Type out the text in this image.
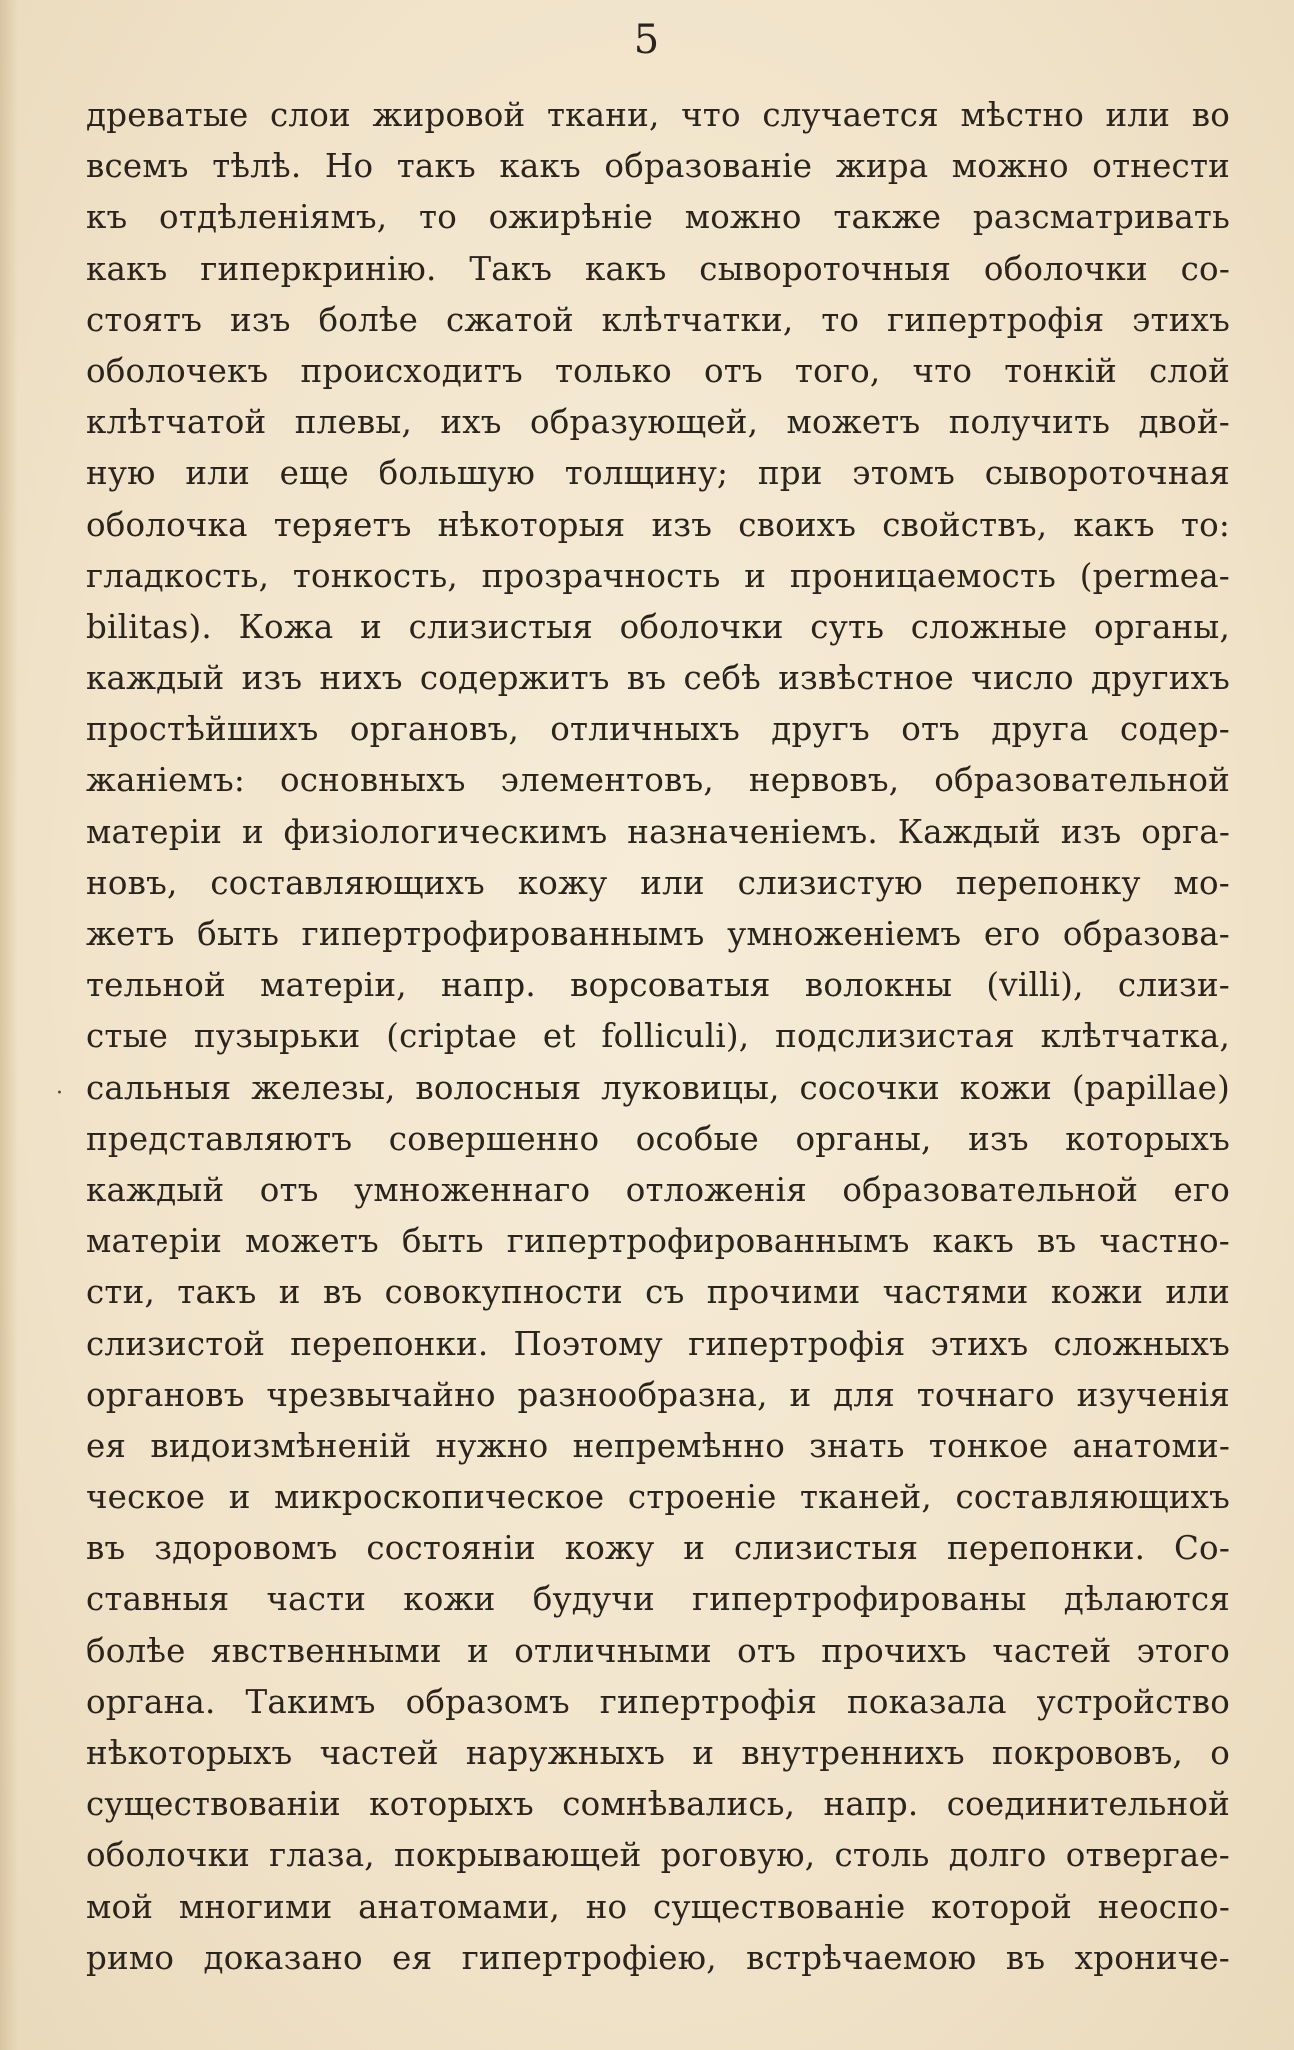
5
·
древатые слои жировой ткани, что случается мѣстно или во
всемъ тѣлѣ. Но такъ какъ образованіе жира можно отнести
къ отдѣленіямъ, то ожирѣніе можно также разсматривать
какъ гиперкринію. Такъ какъ сывороточныя оболочки со-
стоятъ изъ болѣе сжатой клѣтчатки, то гипертрофія этихъ
оболочекъ происходитъ только отъ того, что тонкій слой
клѣтчатой плевы, ихъ образующей, можетъ получить двой-
ную или еще большую толщину; при этомъ сывороточная
оболочка теряетъ нѣкоторыя изъ своихъ свойствъ, какъ то:
гладкость, тонкость, прозрачность и проницаемость (permea-
bilitas). Кожа и слизистыя оболочки суть сложные органы,
каждый изъ нихъ содержитъ въ себѣ извѣстное число другихъ
простѣйшихъ органовъ, отличныхъ другъ отъ друга содер-
жаніемъ: основныхъ элементовъ, нервовъ, образовательной
матеріи и физіологическимъ назначеніемъ. Каждый изъ орга-
новъ, составляющихъ кожу или слизистую перепонку мо-
жетъ быть гипертрофированнымъ умноженіемъ его образова-
тельной матеріи, напр. ворсоватыя волокны (villi), слизи-
стые пузырьки (criptae et folliculi), подслизистая клѣтчатка,
сальныя железы, волосныя луковицы, сосочки кожи (papillae)
представляютъ совершенно особые органы, изъ которыхъ
каждый отъ умноженнаго отложенія образовательной его
матеріи можетъ быть гипертрофированнымъ какъ въ частно-
сти, такъ и въ совокупности съ прочими частями кожи или
слизистой перепонки. Поэтому гипертрофія этихъ сложныхъ
органовъ чрезвычайно разнообразна, и для точнаго изученія
ея видоизмѣненій нужно непремѣнно знать тонкое анатоми-
ческое и микроскопическое строеніе тканей, составляющихъ
въ здоровомъ состояніи кожу и слизистыя перепонки. Со-
ставныя части кожи будучи гипертрофированы дѣлаются
болѣе явственными и отличными отъ прочихъ частей этого
органа. Такимъ образомъ гипертрофія показала устройство
нѣкоторыхъ частей наружныхъ и внутреннихъ покрововъ, о
существованіи которыхъ сомнѣвались, напр. соединительной
оболочки глаза, покрывающей роговую, столь долго отвергае-
мой многими анатомами, но существованіе которой неоспо-
римо доказано ея гипертрофіею, встрѣчаемою въ хрониче-
